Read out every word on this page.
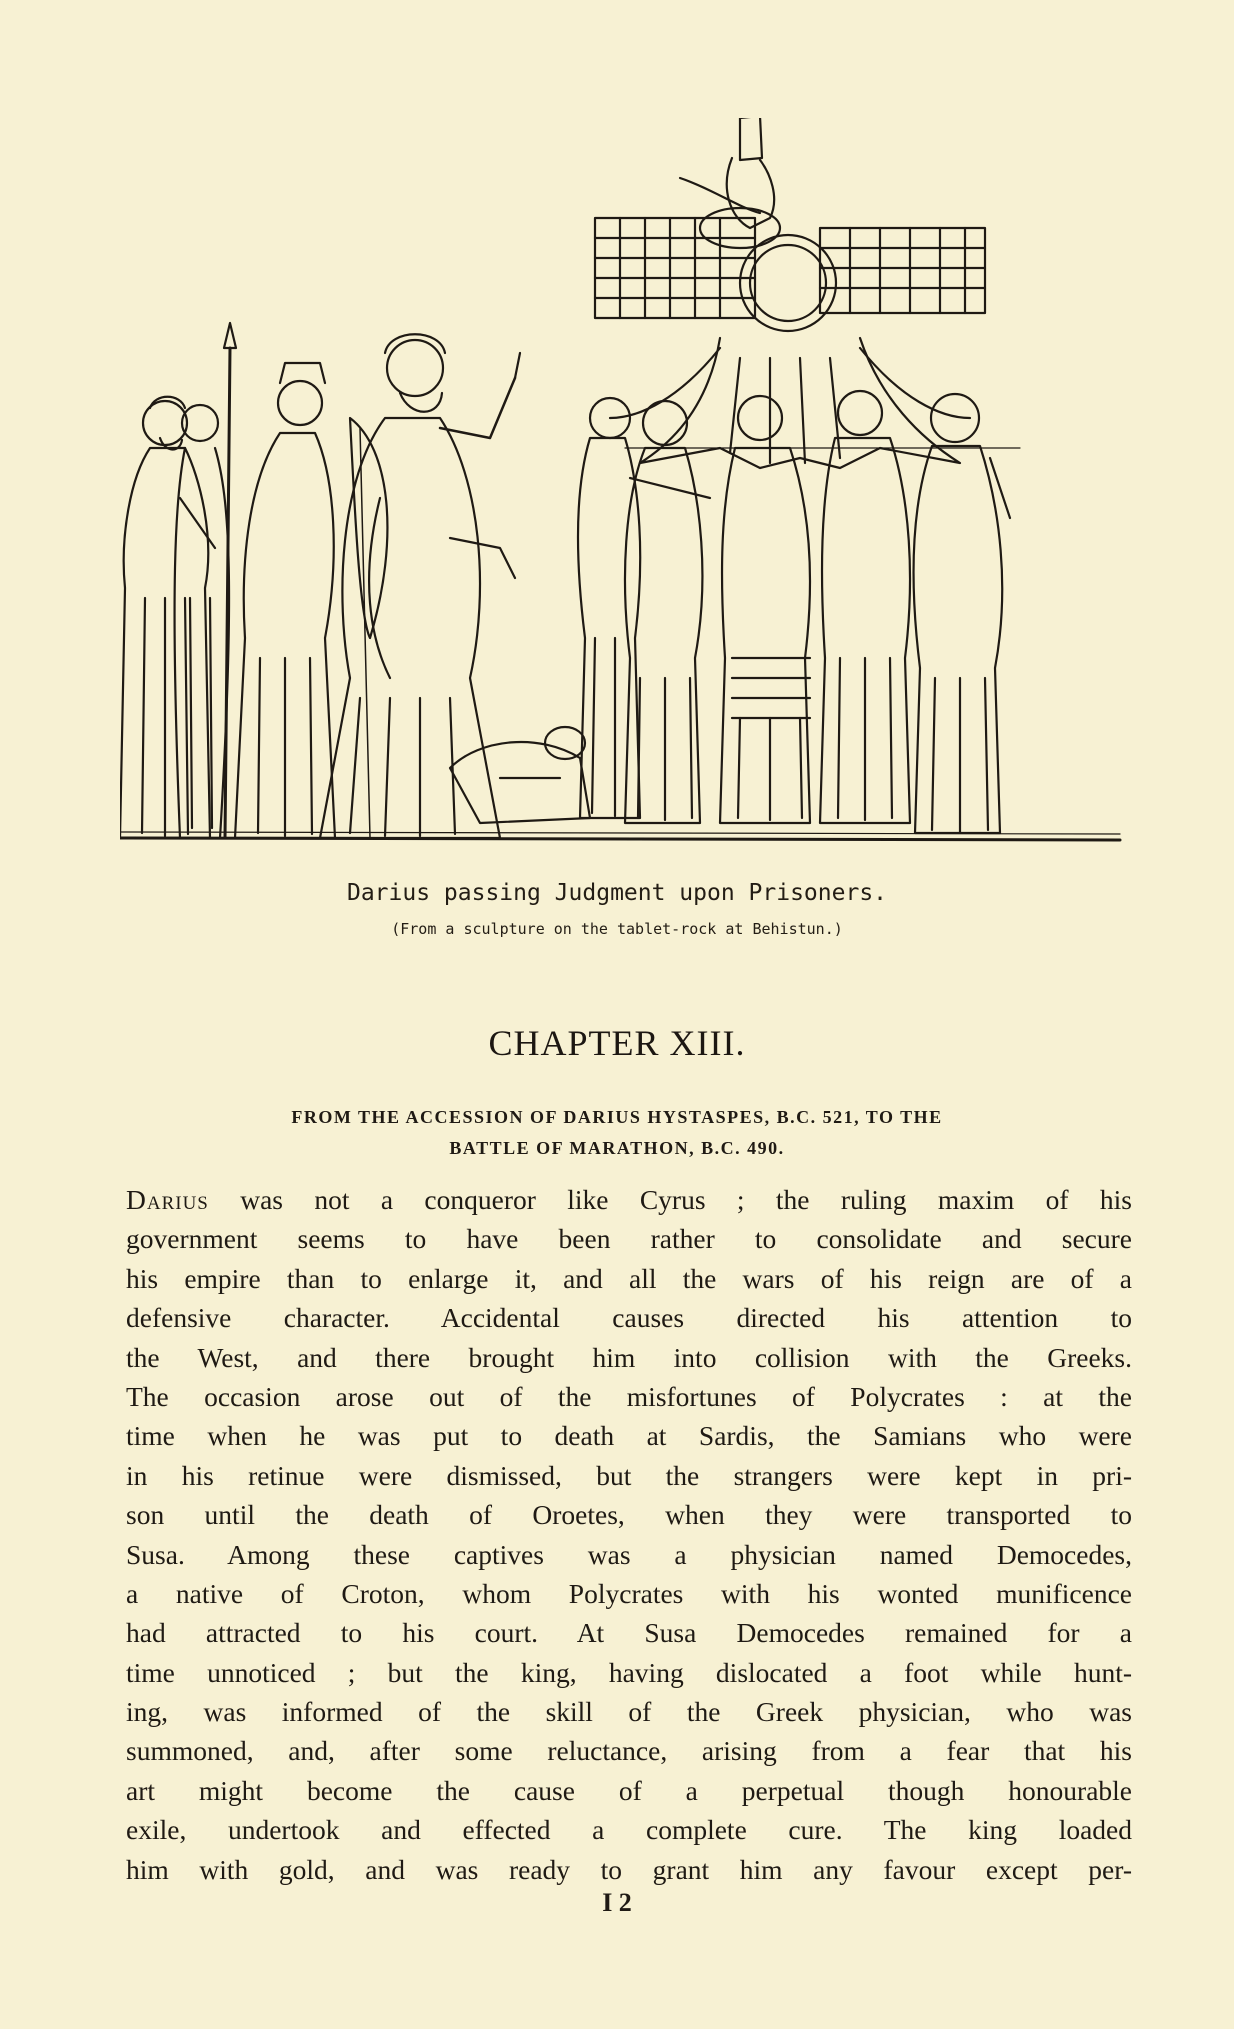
Darius passing Judgment upon Prisoners.
(From a sculpture on the tablet-rock at Behistun.)
CHAPTER XIII.
FROM THE ACCESSION OF DARIUS HYSTASPES, B.C. 521, TO THE
BATTLE OF MARATHON, B.C. 490.
Darius was not a conqueror like Cyrus ; the ruling maxim of his
government seems to have been rather to consolidate and secure
his empire than to enlarge it, and all the wars of his reign are of a
defensive character. Accidental causes directed his attention to
the West, and there brought him into collision with the Greeks.
The occasion arose out of the misfortunes of Polycrates : at the
time when he was put to death at Sardis, the Samians who were
in his retinue were dismissed, but the strangers were kept in pri-
son until the death of Oroetes, when they were transported to
Susa. Among these captives was a physician named Democedes,
a native of Croton, whom Polycrates with his wonted munificence
had attracted to his court. At Susa Democedes remained for a
time unnoticed ; but the king, having dislocated a foot while hunt-
ing, was informed of the skill of the Greek physician, who was
summoned, and, after some reluctance, arising from a fear that his
art might become the cause of a perpetual though honourable
exile, undertook and effected a complete cure. The king loaded
him with gold, and was ready to grant him any favour except per-
I 2
